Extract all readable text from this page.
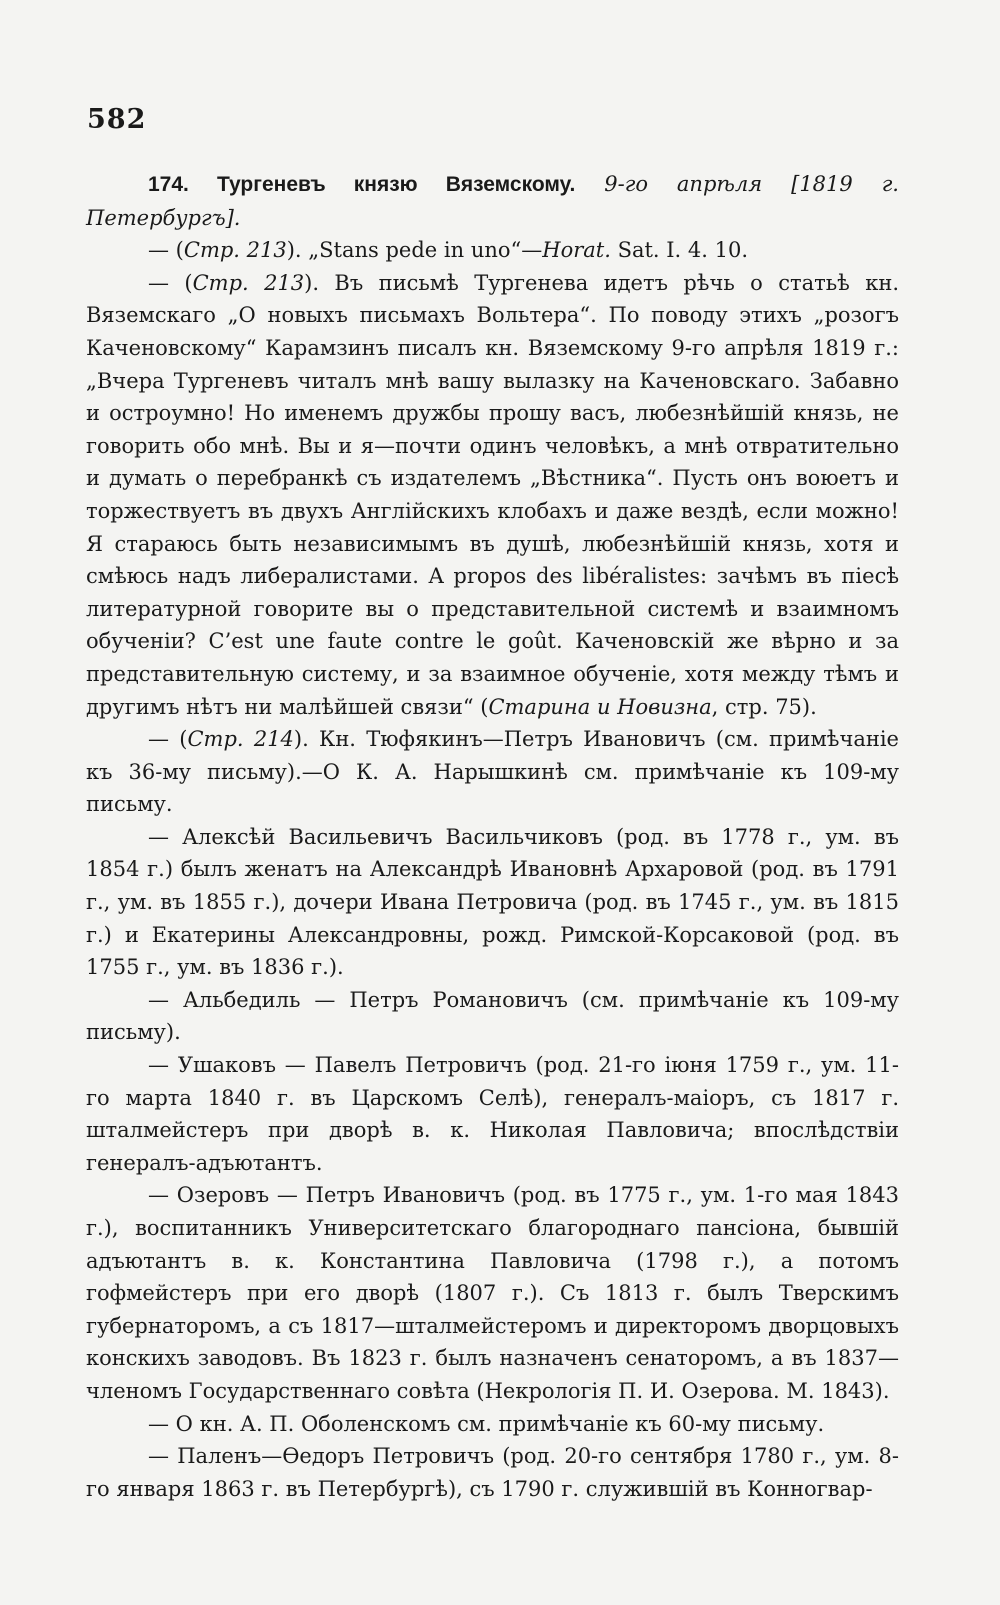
582

174. Тургеневъ князю Вяземскому. 9-го апрѣля [1819 г. Петербургъ].

— (Стр. 213). „Stans pede in uno“—Horat. Sat. I. 4. 10.

— (Стр. 213). Въ письмѣ Тургенева идетъ рѣчь о статьѣ кн. Вяземскаго „О новыхъ письмахъ Вольтера“. По поводу этихъ „розогъ Каченовскому“ Карамзинъ писалъ кн. Вяземскому 9-го апрѣля 1819 г.: „Вчера Тургеневъ читалъ мнѣ вашу вылазку на Каченовскаго. Забавно и остроумно! Но именемъ дружбы прошу васъ, любезнѣйшій князь, не говорить обо мнѣ. Вы и я—почти одинъ человѣкъ, а мнѣ отвратительно и думать о перебранкѣ съ издателемъ „Вѣстника“. Пусть онъ воюетъ и торжествуетъ въ двухъ Англійскихъ клобахъ и даже вездѣ, если можно! Я стараюсь быть независимымъ въ душѣ, любезнѣйшій князь, хотя и смѣюсь надъ либералистами. A propos des libéralistes: зачѣмъ въ піесѣ литературной говорите вы о представительной системѣ и взаимномъ обученіи? C’est une faute contre le goût. Каченовскій же вѣрно и за представительную систему, и за взаимное обученіе, хотя между тѣмъ и другимъ нѣтъ ни малѣйшей связи“ (Старина и Новизна, стр. 75).

— (Стр. 214). Кн. Тюфякинъ—Петръ Ивановичъ (см. примѣчаніе къ 36-му письму).—О К. А. Нарышкинѣ см. примѣчаніе къ 109-му письму.

— Алексѣй Васильевичъ Васильчиковъ (род. въ 1778 г., ум. въ 1854 г.) былъ женатъ на Александрѣ Ивановнѣ Архаровой (род. въ 1791 г., ум. въ 1855 г.), дочери Ивана Петровича (род. въ 1745 г., ум. въ 1815 г.) и Екатерины Александровны, рожд. Римской-Корсаковой (род. въ 1755 г., ум. въ 1836 г.).

— Альбедиль — Петръ Романовичъ (см. примѣчаніе къ 109-му письму).

— Ушаковъ — Павелъ Петровичъ (род. 21-го іюня 1759 г., ум. 11-го марта 1840 г. въ Царскомъ Селѣ), генералъ-маіоръ, съ 1817 г. шталмейстеръ при дворѣ в. к. Николая Павловича; впослѣдствіи генералъ-адъютантъ.

— Озеровъ — Петръ Ивановичъ (род. въ 1775 г., ум. 1-го мая 1843 г.), воспитанникъ Университетскаго благороднаго пансіона, бывшій адъютантъ в. к. Константина Павловича (1798 г.), а потомъ гофмейстеръ при его дворѣ (1807 г.). Съ 1813 г. былъ Тверскимъ губернаторомъ, а съ 1817—шталмейстеромъ и директоромъ дворцовыхъ конскихъ заводовъ. Въ 1823 г. былъ назначенъ сенаторомъ, а въ 1837—членомъ Государственнаго совѣта (Некрологія П. И. Озерова. М. 1843).

— О кн. А. П. Оболенскомъ см. примѣчаніе къ 60-му письму.

— Паленъ—Ѳедоръ Петровичъ (род. 20-го сентября 1780 г., ум. 8-го января 1863 г. въ Петербургѣ), съ 1790 г. служившій въ Конногвар-
